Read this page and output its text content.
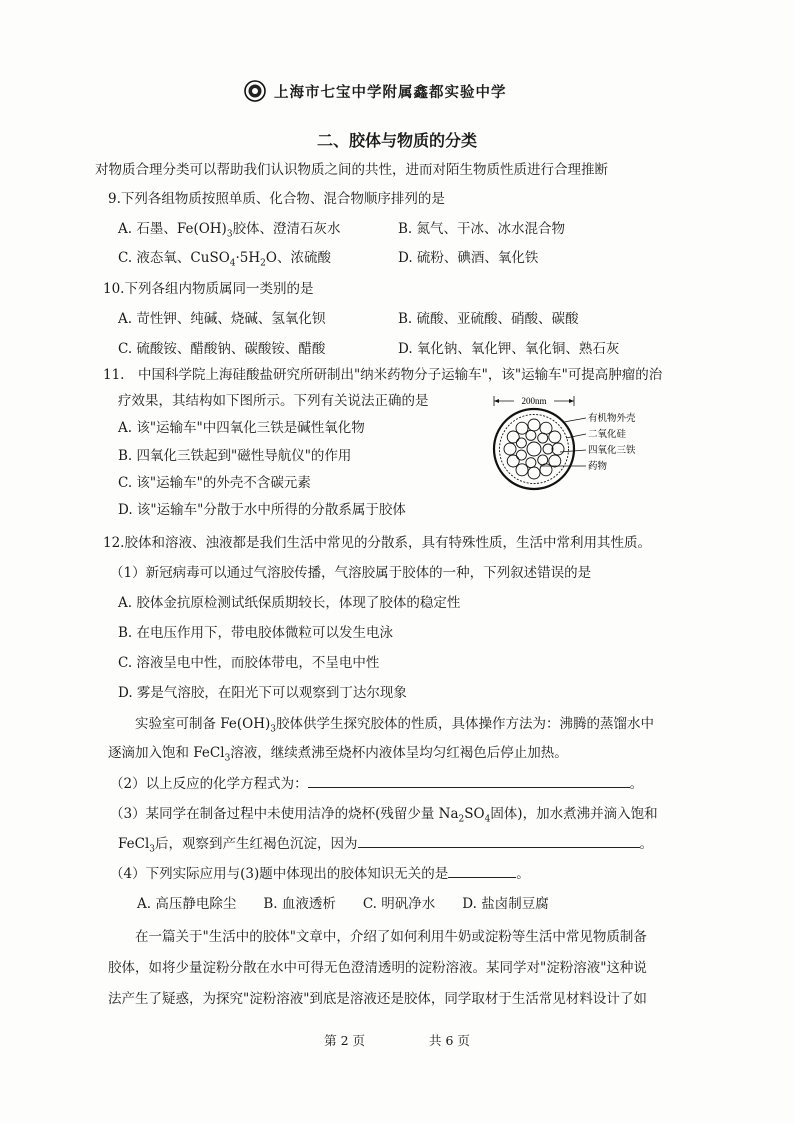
上海市七宝中学附属鑫都实验中学
二、胶体与物质的分类
对物质合理分类可以帮助我们认识物质之间的共性，进而对陌生物质性质进行合理推断
9.下列各组物质按照单质、化合物、混合物顺序排列的是
A. 石墨、$Fe(OH)_3$胶体、澄清石灰水	B. 氮气、干冰、冰水混合物
C. 液态氧、$CuSO_4\cdot 5H_2O$、浓硫酸	D. 硫粉、碘酒、氧化铁
10.下列各组内物质属同一类别的是
A. 苛性钾、纯碱、烧碱、氢氧化钡	B. 硫酸、亚硫酸、硝酸、碳酸
C. 硫酸铵、醋酸钠、碳酸铵、醋酸	D. 氧化钠、氧化钾、氧化铜、熟石灰
11.　中国科学院上海硅酸盐研究所研制出"纳米药物分子运输车"，该"运输车"可提高肿瘤的治
疗效果，其结构如下图所示。下列有关说法正确的是
A. 该"运输车"中四氧化三铁是碱性氧化物
B. 四氧化三铁起到"磁性导航仪"的作用
C. 该"运输车"的外壳不含碳元素
D. 该"运输车"分散于水中所得的分散系属于胶体
200nm
有机物外壳
二氧化硅
四氧化三铁
药物
12.胶体和溶液、浊液都是我们生活中常见的分散系，具有特殊性质，生活中常利用其性质。
（1）新冠病毒可以通过气溶胶传播，气溶胶属于胶体的一种，下列叙述错误的是
A. 胶体金抗原检测试纸保质期较长，体现了胶体的稳定性
B. 在电压作用下，带电胶体微粒可以发生电泳
C. 溶液呈电中性，而胶体带电，不呈电中性
D. 雾是气溶胶，在阳光下可以观察到丁达尔现象
　　实验室可制备 $Fe(OH)_3$胶体供学生探究胶体的性质，具体操作方法为：沸腾的蒸馏水中
逐滴加入饱和 FeCl$_3$溶液，继续煮沸至烧杯内液体呈均匀红褐色后停止加热。
（2）以上反应的化学方程式为：	。
（3）某同学在制备过程中未使用洁净的烧杯(残留少量 $Na_2SO_4$固体)，加水煮沸并滴入饱和
FeCl$_3$后，观察到产生红褐色沉淀，因为	。
（4）下列实际应用与(3)题中体现出的胶体知识无关的是	。
A. 高压静电除尘　　B. 血液透析　　C. 明矾净水　　D. 盐卤制豆腐
　　在一篇关于"生活中的胶体"文章中，介绍了如何利用牛奶或淀粉等生活中常见物质制备
胶体，如将少量淀粉分散在水中可得无色澄清透明的淀粉溶液。某同学对"淀粉溶液"这种说
法产生了疑惑，为探究"淀粉溶液"到底是溶液还是胶体，同学取材于生活常见材料设计了如
第 2 页	共 6 页
